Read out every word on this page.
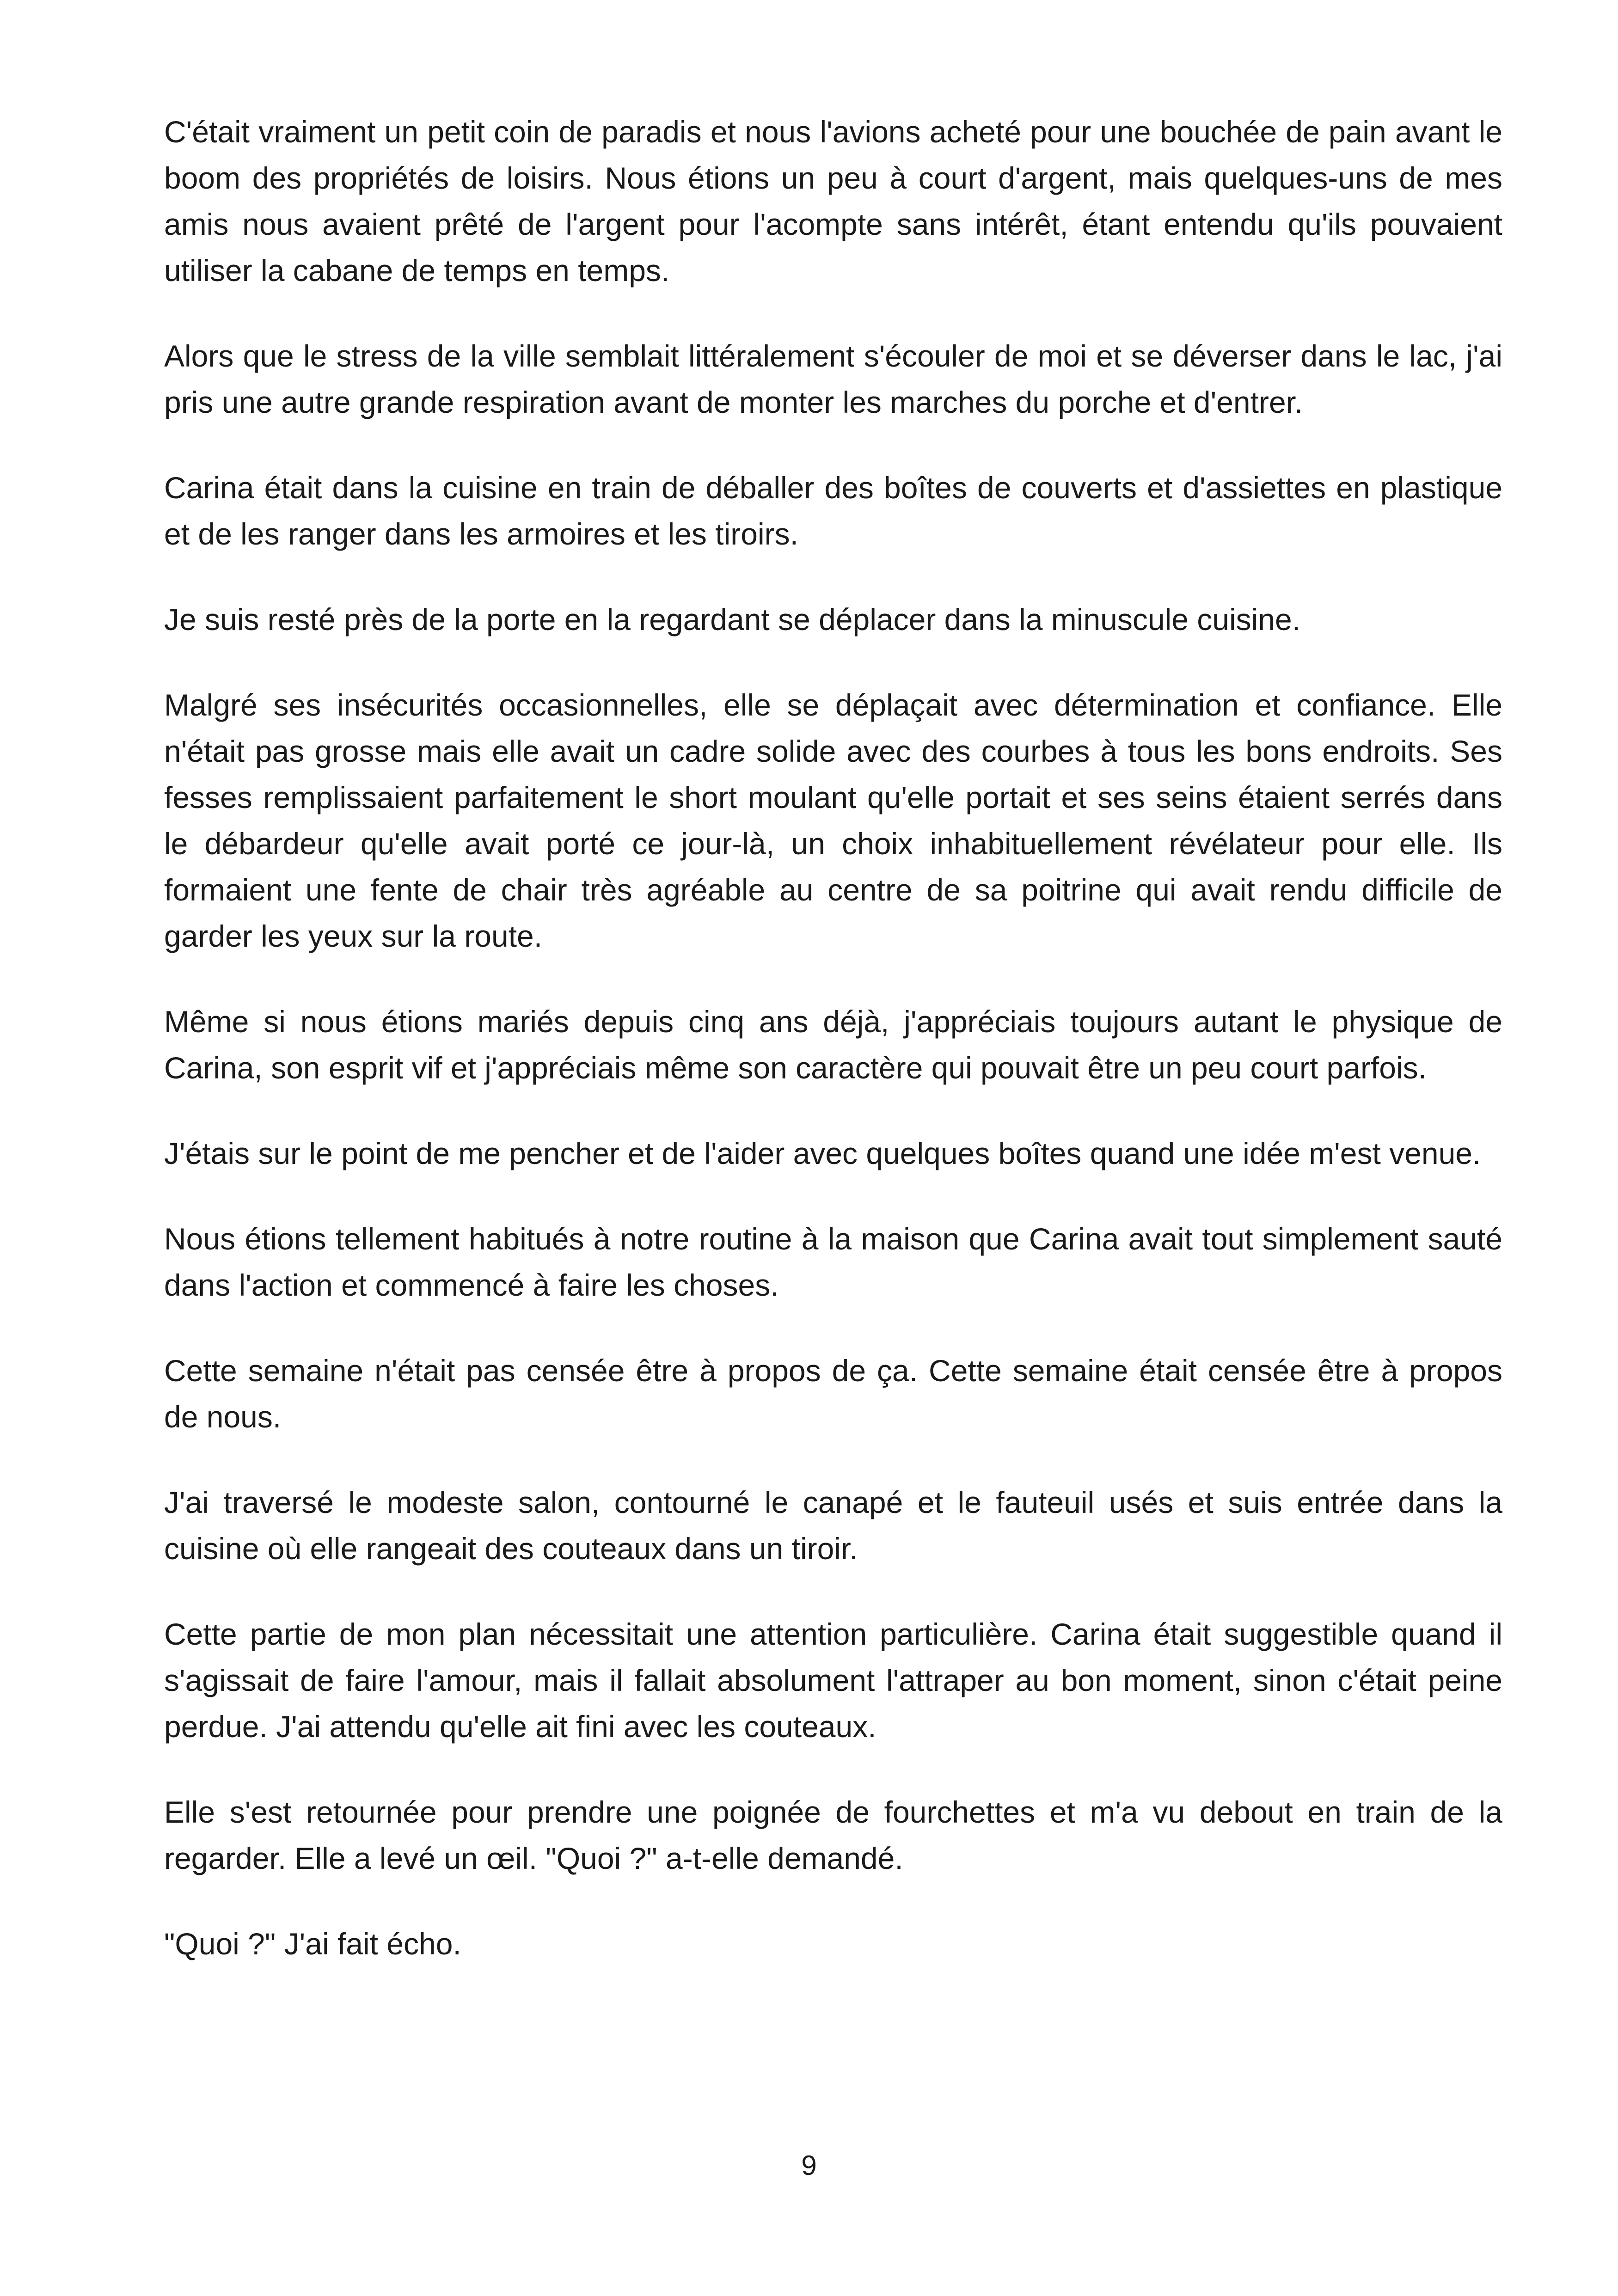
C'était vraiment un petit coin de paradis et nous l'avions acheté pour une bouchée de pain avant le boom des propriétés de loisirs. Nous étions un peu à court d'argent, mais quelques-uns de mes amis nous avaient prêté de l'argent pour l'acompte sans intérêt, étant entendu qu'ils pouvaient utiliser la cabane de temps en temps.

Alors que le stress de la ville semblait littéralement s'écouler de moi et se déverser dans le lac, j'ai pris une autre grande respiration avant de monter les marches du porche et d'entrer.

Carina était dans la cuisine en train de déballer des boîtes de couverts et d'assiettes en plastique et de les ranger dans les armoires et les tiroirs.

Je suis resté près de la porte en la regardant se déplacer dans la minuscule cuisine.

Malgré ses insécurités occasionnelles, elle se déplaçait avec détermination et confiance. Elle n'était pas grosse mais elle avait un cadre solide avec des courbes à tous les bons endroits. Ses fesses remplissaient parfaitement le short moulant qu'elle portait et ses seins étaient serrés dans le débardeur qu'elle avait porté ce jour-là, un choix inhabituellement révélateur pour elle. Ils formaient une fente de chair très agréable au centre de sa poitrine qui avait rendu difficile de garder les yeux sur la route.

Même si nous étions mariés depuis cinq ans déjà, j'appréciais toujours autant le physique de Carina, son esprit vif et j'appréciais même son caractère qui pouvait être un peu court parfois.

J'étais sur le point de me pencher et de l'aider avec quelques boîtes quand une idée m'est venue.

Nous étions tellement habitués à notre routine à la maison que Carina avait tout simplement sauté dans l'action et commencé à faire les choses.

Cette semaine n'était pas censée être à propos de ça. Cette semaine était censée être à propos de nous.

J'ai traversé le modeste salon, contourné le canapé et le fauteuil usés et suis entrée dans la cuisine où elle rangeait des couteaux dans un tiroir.

Cette partie de mon plan nécessitait une attention particulière. Carina était suggestible quand il s'agissait de faire l'amour, mais il fallait absolument l'attraper au bon moment, sinon c'était peine perdue. J'ai attendu qu'elle ait fini avec les couteaux.

Elle s'est retournée pour prendre une poignée de fourchettes et m'a vu debout en train de la regarder. Elle a levé un œil. "Quoi ?" a-t-elle demandé.

"Quoi ?" J'ai fait écho.

9
